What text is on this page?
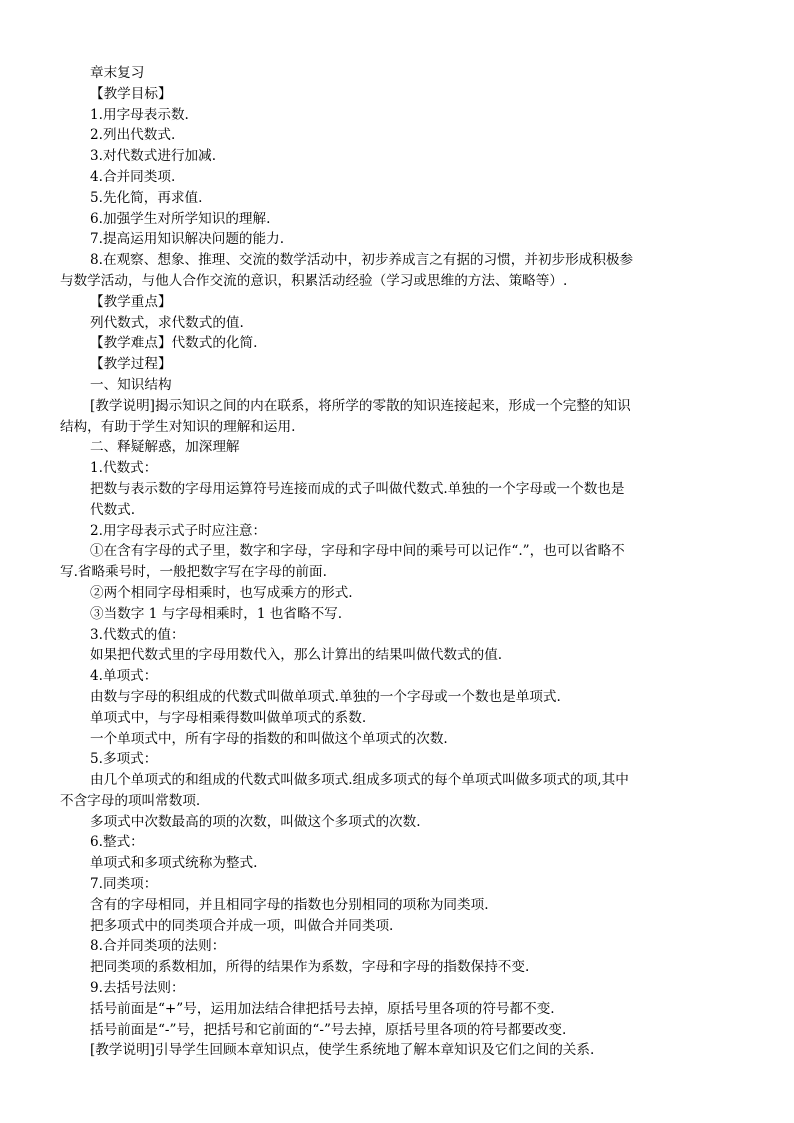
章末复习
【教学目标】
1.用字母表示数.
2.列出代数式.
3.对代数式进行加减.
4.合并同类项.
5.先化简，再求值.
6.加强学生对所学知识的理解.
7.提高运用知识解决问题的能力.
8.在观察、想象、推理、交流的数学活动中，初步养成言之有据的习惯，并初步形成积极参
与数学活动，与他人合作交流的意识，积累活动经验（学习或思维的方法、策略等）.
【教学重点】
列代数式，求代数式的值.
【教学难点】代数式的化简.
【教学过程】
一、知识结构
[教学说明]揭示知识之间的内在联系，将所学的零散的知识连接起来，形成一个完整的知识
结构，有助于学生对知识的理解和运用.
二、释疑解惑，加深理解
1.代数式：
把数与表示数的字母用运算符号连接而成的式子叫做代数式.单独的一个字母或一个数也是
代数式.
2.用字母表示式子时应注意：
①在含有字母的式子里，数字和字母，字母和字母中间的乘号可以记作“.”，也可以省略不
写.省略乘号时，一般把数字写在字母的前面.
②两个相同字母相乘时，也写成乘方的形式.
③当数字 1 与字母相乘时，1 也省略不写.
3.代数式的值：
如果把代数式里的字母用数代入，那么计算出的结果叫做代数式的值.
4.单项式：
由数与字母的积组成的代数式叫做单项式.单独的一个字母或一个数也是单项式.
单项式中，与字母相乘得数叫做单项式的系数.
一个单项式中，所有字母的指数的和叫做这个单项式的次数.
5.多项式：
由几个单项式的和组成的代数式叫做多项式.组成多项式的每个单项式叫做多项式的项,其中
不含字母的项叫常数项.
多项式中次数最高的项的次数，叫做这个多项式的次数.
6.整式：
单项式和多项式统称为整式.
7.同类项：
含有的字母相同，并且相同字母的指数也分别相同的项称为同类项.
把多项式中的同类项合并成一项，叫做合并同类项.
8.合并同类项的法则：
把同类项的系数相加，所得的结果作为系数，字母和字母的指数保持不变.
9.去括号法则：
括号前面是“+”号，运用加法结合律把括号去掉，原括号里各项的符号都不变.
括号前面是“-”号，把括号和它前面的“-”号去掉，原括号里各项的符号都要改变.
[教学说明]引导学生回顾本章知识点，使学生系统地了解本章知识及它们之间的关系.
